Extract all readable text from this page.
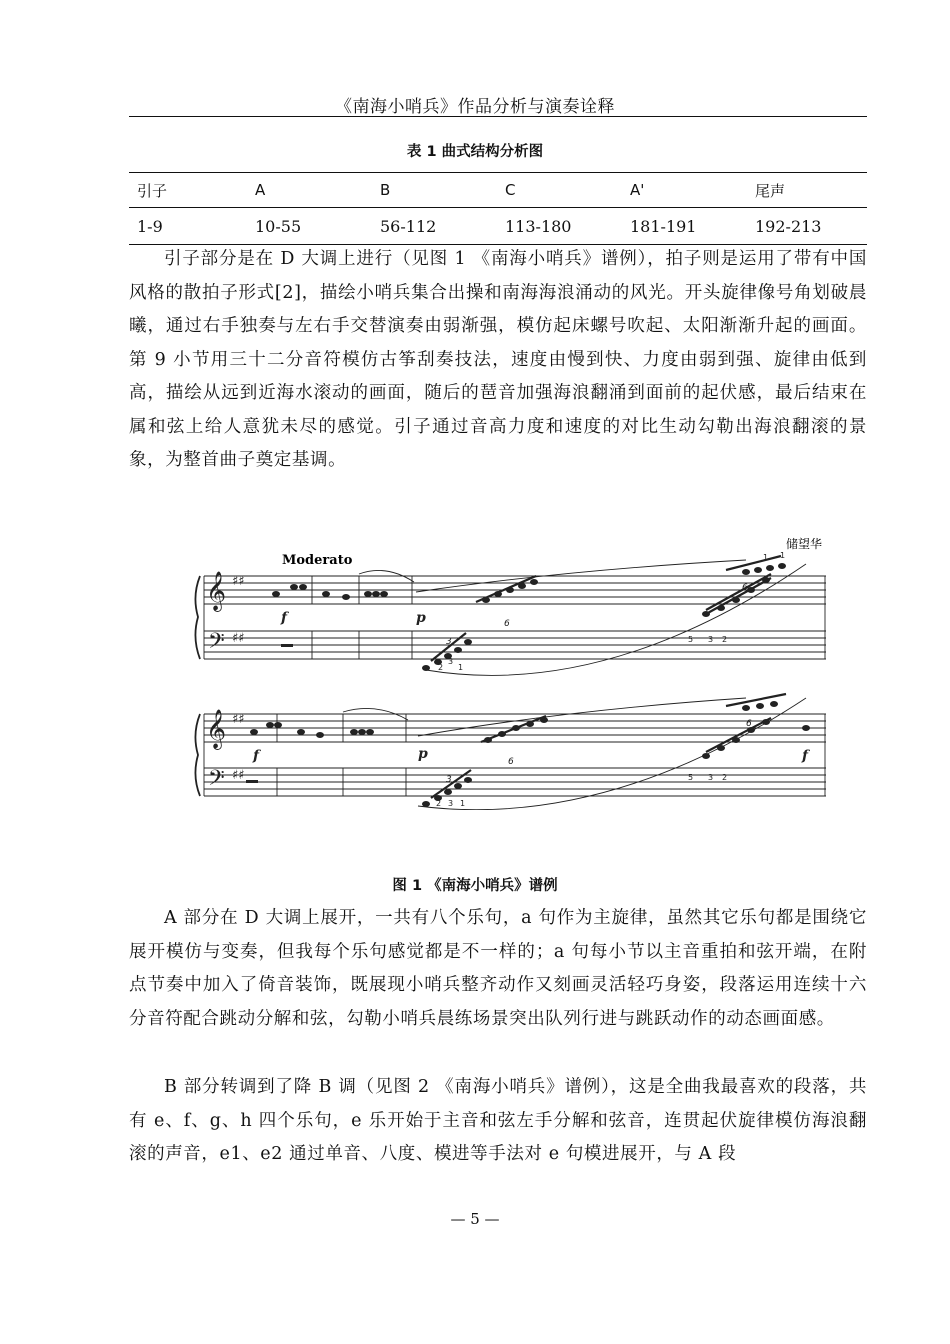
《南海小哨兵》作品分析与演奏诠释
表 1 曲式结构分析图
引子	A	B	C	A'	尾声
1-9	10-55	56-112	113-180	181-191	192-213

引子部分是在 D 大调上进行（见图 1 《南海小哨兵》谱例），拍子则是运用了带有中国风格的散拍子形式[2]，描绘小哨兵集合出操和南海海浪涌动的风光。开头旋律像号角划破晨曦，通过右手独奏与左右手交替演奏由弱渐强，模仿起床螺号吹起、太阳渐渐升起的画面。第 9 小节用三十二分音符模仿古筝刮奏技法，速度由慢到快、力度由弱到强、旋律由低到高，描绘从远到近海水滚动的画面，随后的琶音加强海浪翻涌到面前的起伏感，最后结束在属和弦上给人意犹未尽的感觉。引子通过音高力度和速度的对比生动勾勒出海浪翻滚的景象，为整首曲子奠定基调。

𝄞
𝄢
𝄞
𝄢
♯♯
♯♯
♯♯
♯♯
Moderato
储望华
f	p
f	p	f
3
6
6
3
6
6
1
1
3
2
5 3 2
1
1
3
2
5 3 2
图 1 《南海小哨兵》谱例

A 部分在 D 大调上展开，一共有八个乐句，a 句作为主旋律，虽然其它乐句都是围绕它展开模仿与变奏，但我每个乐句感觉都是不一样的；a 句每小节以主音重拍和弦开端，在附点节奏中加入了倚音装饰，既展现小哨兵整齐动作又刻画灵活轻巧身姿，段落运用连续十六分音符配合跳动分解和弦，勾勒小哨兵晨练场景突出队列行进与跳跃动作的动态画面感。

B 部分转调到了降 B 调（见图 2 《南海小哨兵》谱例），这是全曲我最喜欢的段落，共有 e、f、g、h 四个乐句，e 乐开始于主音和弦左手分解和弦音，连贯起伏旋律模仿海浪翻滚的声音，e1、e2 通过单音、八度、模进等手法对 e 句模进展开，与 A 段

— 5 —
